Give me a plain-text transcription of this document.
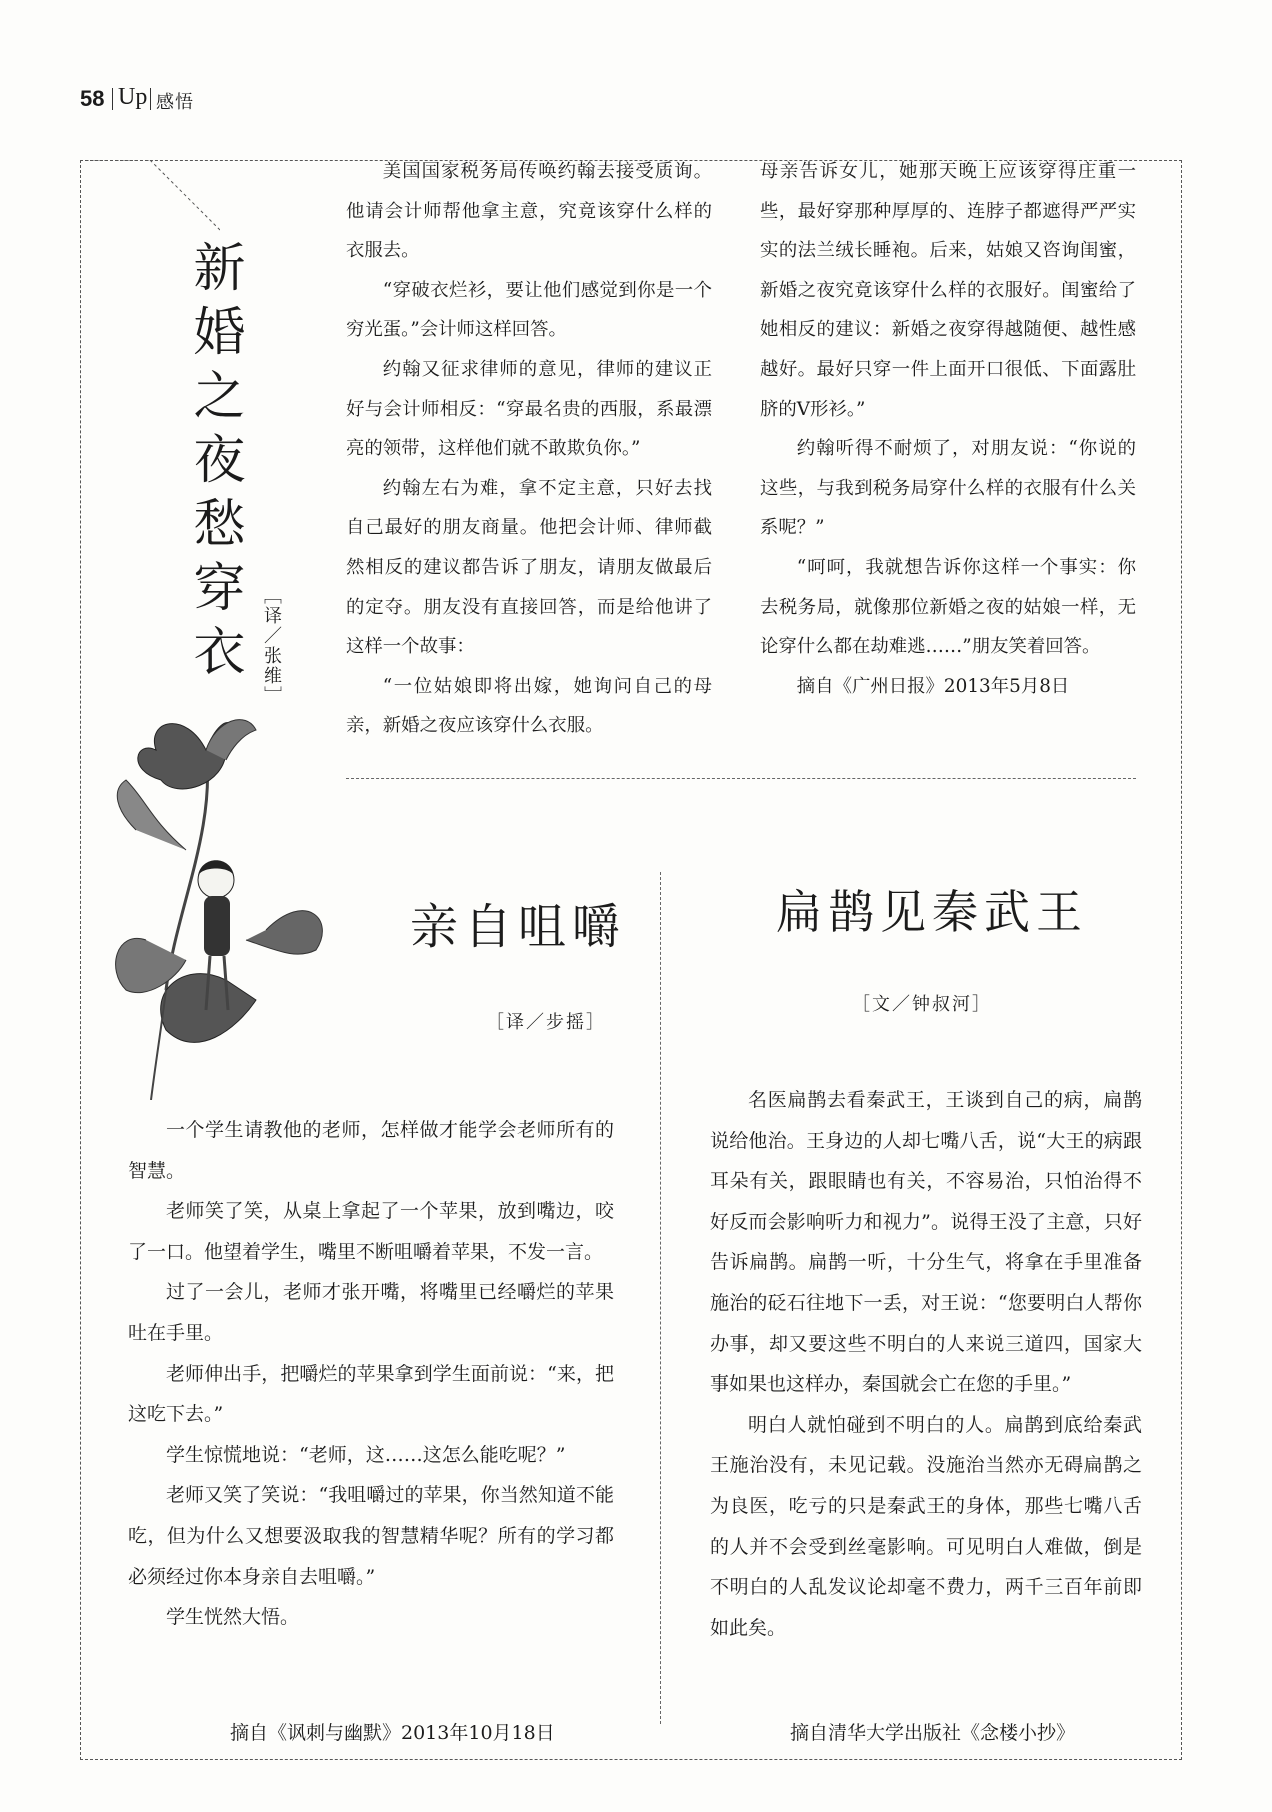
58 Up 感悟
新婚之夜愁穿衣 ［译／张维］

美国国家税务局传唤约翰去接受质询。他请会计师帮他拿主意，究竟该穿什么样的衣服去。

“穿破衣烂衫，要让他们感觉到你是一个穷光蛋。”会计师这样回答。

约翰又征求律师的意见，律师的建议正好与会计师相反：“穿最名贵的西服，系最漂亮的领带，这样他们就不敢欺负你。”

约翰左右为难，拿不定主意，只好去找自己最好的朋友商量。他把会计师、律师截然相反的建议都告诉了朋友，请朋友做最后的定夺。朋友没有直接回答，而是给他讲了这样一个故事：

“一位姑娘即将出嫁，她询问自己的母亲，新婚之夜应该穿什么衣服。

母亲告诉女儿，她那天晚上应该穿得庄重一些，最好穿那种厚厚的、连脖子都遮得严严实实的法兰绒长睡袍。后来，姑娘又咨询闺蜜，新婚之夜究竟该穿什么样的衣服好。闺蜜给了她相反的建议：新婚之夜穿得越随便、越性感越好。最好只穿一件上面开口很低、下面露肚脐的V形衫。”

约翰听得不耐烦了，对朋友说：“你说的这些，与我到税务局穿什么样的衣服有什么关系呢？”

“呵呵，我就想告诉你这样一个事实：你去税务局，就像那位新婚之夜的姑娘一样，无论穿什么都在劫难逃……”朋友笑着回答。

摘自《广州日报》2013年5月8日

亲自咀嚼
［译／步摇］

一个学生请教他的老师，怎样做才能学会老师所有的智慧。

老师笑了笑，从桌上拿起了一个苹果，放到嘴边，咬了一口。他望着学生，嘴里不断咀嚼着苹果，不发一言。

过了一会儿，老师才张开嘴，将嘴里已经嚼烂的苹果吐在手里。

老师伸出手，把嚼烂的苹果拿到学生面前说：“来，把这吃下去。”

学生惊慌地说：“老师，这……这怎么能吃呢？”

老师又笑了笑说：“我咀嚼过的苹果，你当然知道不能吃，但为什么又想要汲取我的智慧精华呢？所有的学习都必须经过你本身亲自去咀嚼。”

学生恍然大悟。

摘自《讽刺与幽默》2013年10月18日
扁鹊见秦武王
［文／钟叔河］

名医扁鹊去看秦武王，王谈到自己的病，扁鹊说给他治。王身边的人却七嘴八舌，说“大王的病跟耳朵有关，跟眼睛也有关，不容易治，只怕治得不好反而会影响听力和视力”。说得王没了主意，只好告诉扁鹊。扁鹊一听，十分生气，将拿在手里准备施治的砭石往地下一丢，对王说：“您要明白人帮你办事，却又要这些不明白的人来说三道四，国家大事如果也这样办，秦国就会亡在您的手里。”

明白人就怕碰到不明白的人。扁鹊到底给秦武王施治没有，未见记载。没施治当然亦无碍扁鹊之为良医，吃亏的只是秦武王的身体，那些七嘴八舌的人并不会受到丝毫影响。可见明白人难做，倒是不明白的人乱发议论却毫不费力，两千三百年前即如此矣。

摘自清华大学出版社《念楼小抄》
